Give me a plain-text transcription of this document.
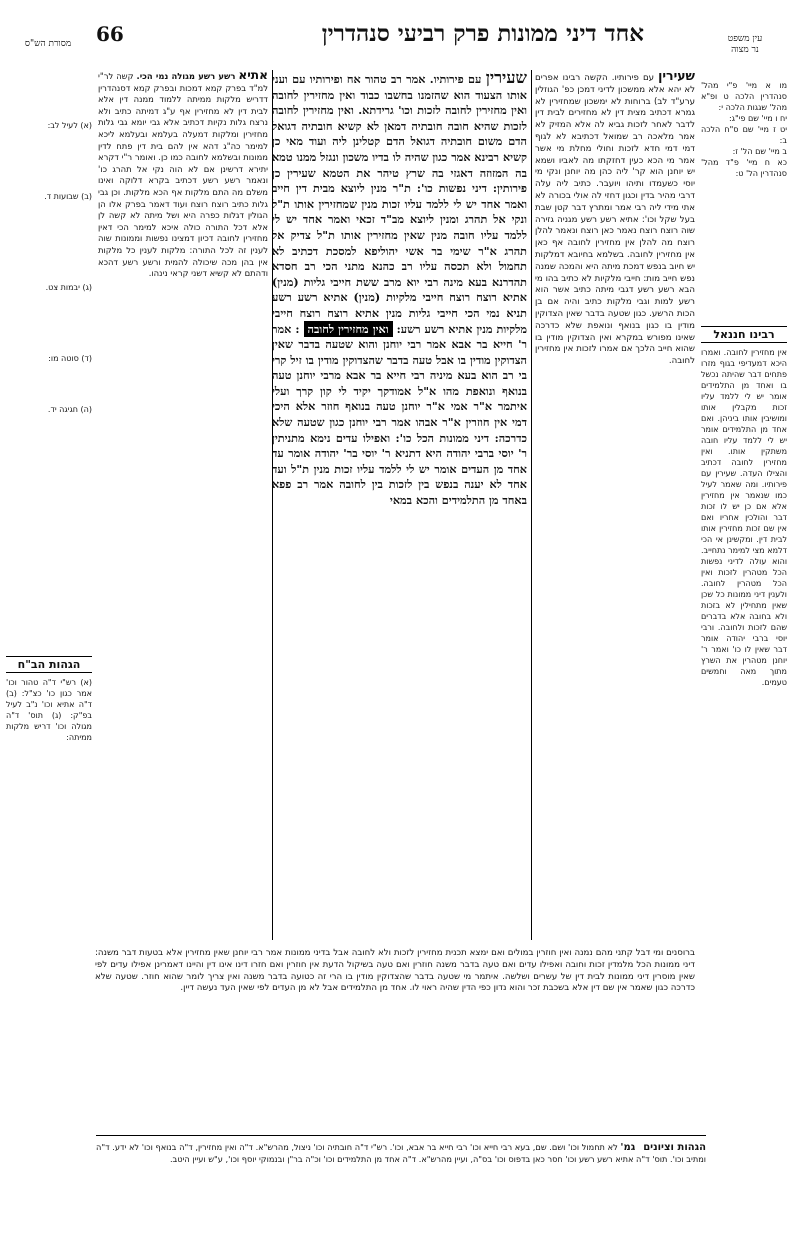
אחד דיני ממונות פרק רביעי סנהדרין
66	עין משפט
נר מצוה
מסורת הש"ס
מו א מיי' פ"י מהל' סנהדרין הלכה ט ופ"א מהל' שגגות הלכה י:
יח ו מיי' שם פי"ג:
יט ז מיי' שם ס"ח הלכה ב:
ב מיי' שם הל' ז:
כא ח מיי' פ"ד מהל' סנהדרין הל' ט:
רבינו חננאל
אין מחזירין לחובה. ואמרו היכא דמעדיפי בגוף מזרו פתחים דבר שהיתה נכשל בו ואחד מן התלמידים אומר יש לי ללמד עליו זכות מקבלין אותו ומושיבין אותו ביניהן. ואם אחד מן התלמידים אומר יש לי ללמד עליו חובה משתקין אותו. ואין מחזירין לחובה דכתיב והצילו העדה. שעירין עם פירותיו. ומה שאמר לעיל כמו שנאמר אין מחזירין אלא אם כן יש לו זכות דבר והולכין אחריו ואם אין שם זכות מחזירין אותו לבית דין. ומקשינן אי הכי דלמא מצי למימר נתחייב. והוא עולה לדיני נפשות הכל מטהרין לזכות ואין הכל מטהרין לחובה. ולענין דיני ממונות כל שכן שאין מתחילין לא בזכות ולא בחובה אלא בדברים שהם לזכות ולחובה. ורבי יוסי ברבי יהודה אומר דבר שאין לו כו' ואמר ר' יוחנן מטהרין את השרץ מתוך מאה וחמשים טעמים.
(א) לעיל לב:
(ב) שבועות ד.
(ג) יבמות צט.
(ד) סוטה מו:
(ה) חגיגה יד.
הגהות הב"ח
(א) רש"י ד"ה טהור וכו' אמר כגון כו' כצ"ל: (ב) ד"ה אתיא וכו' נ"ב לעיל בפ"ק: (ג) תוס' ד"ה מגולה וכו' דריש מלקות ממיתה:
שעירין עם פירותיו. הקשה רבינו אפרים לא יהא אלא ממשכון לדיני דמכן כפ' הגוזלין ערע"ד לב) ברוחות לא ימשכון שמחזירין לא גמרא דכתיב מצית דין לא מחזירים לבית דין לדבר לאחר לזכות גביא לה אלא המזיק לא אמר מלאכה רב שמואל דכתיבא לא לגוף דמי דמי חדא לזכות וחולי מחלת מי אשר אמר מי הכא כעין דחזקתו מה לאביו ושמא יש יוחנן הוא קר' ליה כהן מה יוחנן ונקי מי יוסי כשעמדו ותיהו ויועבר. כתיב ליה עלה דרבי מהיר בדין וכגון דחזי לה אולי בכורה לא אתי מידי ליה רבי אמר ומתרץ דבר קטן שבת בעל שקל וכו': אתיא רשע רשע מגניה גזירה שוה רוצח רוצח נאמר כאן רוצח ונאמר להלן רוצח מה להלן אין מחזירין לחובה אף כאן אין מחזירין לחובה. בשלמא בחיובא דמלקות יש חיוב בנפש דמכת מיתה היא והמכה שמנה נפש חייב מות: חייבי מלקיות לא כתיב בהו מי הבא רשע רשע דגבי מיתה כתיב אשר הוא רשע למות וגבי מלקות כתיב והיה אם בן הכות הרשע. כגון שטעה בדבר שאין הצדוקין מודין בו כגון בנואף ונואפת שלא כדרכה שאינו מפורש במקרא ואין הצדוקין מודין בו שהוא חייב הלכך אם אמרו לזכות אין מחזירין לחובה.
אתיא רשע רשע מגולה נמי הכי. קשה לר"י למ"ד בפרק קמא דמכות ובפרק קמא דסנהדרין דדריש מלקות ממיתה ללמוד ממנה דין אלא לבית דין לא מחזירין אף ע"ג דמיתה כתיב ולא נרצח גלות נקיות דכתיב אלא גבי יומא גבי גלות מחזירין ומלקות דמעלה בעלמא ובעלמא ליכא למימר כה"ג דהא אין להם בית דין פתח לדין ממונות ובשלמא לחובה כמו כן. ואומר ר"י דקרא יתירא דרשינן אם לא הוה נקי אל תהרג כו' ונאמר רשע רשע דכתיב בקרא דלוקה ואינו משלם מה התם מלקות אף הכא מלקות. וכן גבי גלות כתיב רוצח רוצח ועוד דאמר בפרק אלו הן הגולין דגלות כפרה היא ושל מיתה לא קשה לן אלא דכל התורה כולה איכא למימר הכי דאין מחזירין לחובה דכיון דמצינו נפשות וממונות שוה לענין זה לכל התורה: מלקות לענין כל מלקות אין בהן מכה שיכולה להמית ורשע רשע דהכא ודהתם לא קשיא דשני קראי נינהו.
שעירין עם פירותיו. אמר רב טהור אח ופירותיו עם ועני אותו הצעוד הוא שהזמנו בחשבו כבוד ואין מחזירין לחובה ואין מחזירין לחובה לזכות וכו' גרידתא. ואין מחזירין לחובה לזכות שהיא חובה חובתיה דמאן לא קשיא חובתיה דגואל הדם משום חובתיה דגואל הדם קטלינן ליה ועוד מאי כן קשיא רבינא אמר כגון שהיה לו בדיו משכון ונגזל ממנו טמא בה המזוזה דאגזי בה שרץ טיהר את הטמא שעירין כן פירותין: דיני נפשות כו': ת"ר מנין ליוצא מבית דין חייב ואמר אחד יש לי ללמד עליו זכות מנין שמחזירין אותו ת"ל ונקי אל תהרג ומנין ליוצא מב"ד זכאי ואמר אחד יש לי ללמד עליו חובה מנין שאין מחזירין אותו ת"ל צדיק אל תהרג א"ר שימי בר אשי יהוליפא למסכת דכתיב לא תחמול ולא תכסה עליו רב כהנא מתני הכי רב חסדא תהדרנא בעא מינה רבי יוא מרב ששת חייבי גליות (מנין) אתיא רוצח רוצח חייבי מלקיות (מנין) אתיא רשע רשע תניא נמי הכי חייבי גליות מנין אתיא רוצח רוצח חייבי מלקיות מנין אתיא רשע רשע: ואין מחזירין לחובה : אמר ר' חייא בר אבא אמר רבי יוחנן והוא שטעה בדבר שאין הצדוקין מודין בו אבל טעה בדבר שהצדוקין מודין בו זיל קרי בי רב הוא בעא מיניה רבי חייא בר אבא מרבי יוחנן טעה בנואף ונואפת מהו א"ל אמודקך יקיד לי קון קרך ועלי איתמר א"ר אמי א"ר יוחנן טעה בנואף חוזר אלא היכי דמי אין חוזרין א"ר אבהו אמר רבי יוחנן כגון שטעה שלא כדרכה: דיני ממונות הכל כו': ואפילו עדים נימא מתניתין ר' יוסי ברבי יהודה היא דתניא ר' יוסי בר' יהודה אומר עד אחד מן העדים אומר יש לי ללמד עליו זכות מנין ת"ל ועד אחד לא יענה בנפש בין לזכות בין לחובה אמר רב פפא באחד מן התלמידים והכא במאי
ברוסנים ומי דבל קתני מהם נמנה ואין חוזרין במולים ואם ימצא תכנית מחזירין לזכות ולא לחובה אבל בדיני ממונות אמר רבי יוחנן שאין מחזירין אלא בטעות דבר משנה: דיני ממונות הכל מלמדין זכות וחובה ואפילו עדים ואם טעה בדבר משנה חוזרין ואם טעה בשיקול הדעת אין חוזרין ואם חזרו דינו אינו דין והיינו דאמרינן אפילו עדים לפי שאין מוסרין דיני ממונות לבית דין של עשרים ושלשה. איתמר מי שטעה בדבר שהצדוקין מודין בו הרי זה כטועה בדבר משנה ואין צריך לומר שהוא חוזר. שטעה שלא כדרכה כגון שאמר אין שם דין אלא בשכבת זכר והוא נדון כפי הדין שהיה ראוי לו. אחד מן התלמידים אבל לא מן העדים לפי שאין העד נעשה דיין.
הגהות וציונים   גמ' לא תחמול וכו' ושם. שם, בעא רבי חייא וכו' רבי חייא בר אבא, וכו'. רש"י ד"ה חובתיה וכו' ניצול, מהרש"א. ד"ה ואין מחזירין, ד"ה בנואף וכו' לא ידע. ד"ה ומתיב וכו'. תוס' ד"ה אתיא רשע רשע וכו' חסר כאן בדפוס וכו' בס"ה, ועיין מהרש"א. ד"ה אחד מן התלמידים וכו' וכ"ה בר"ן ובנמוקי יוסף וכו', ע"ש ועיין היטב.
